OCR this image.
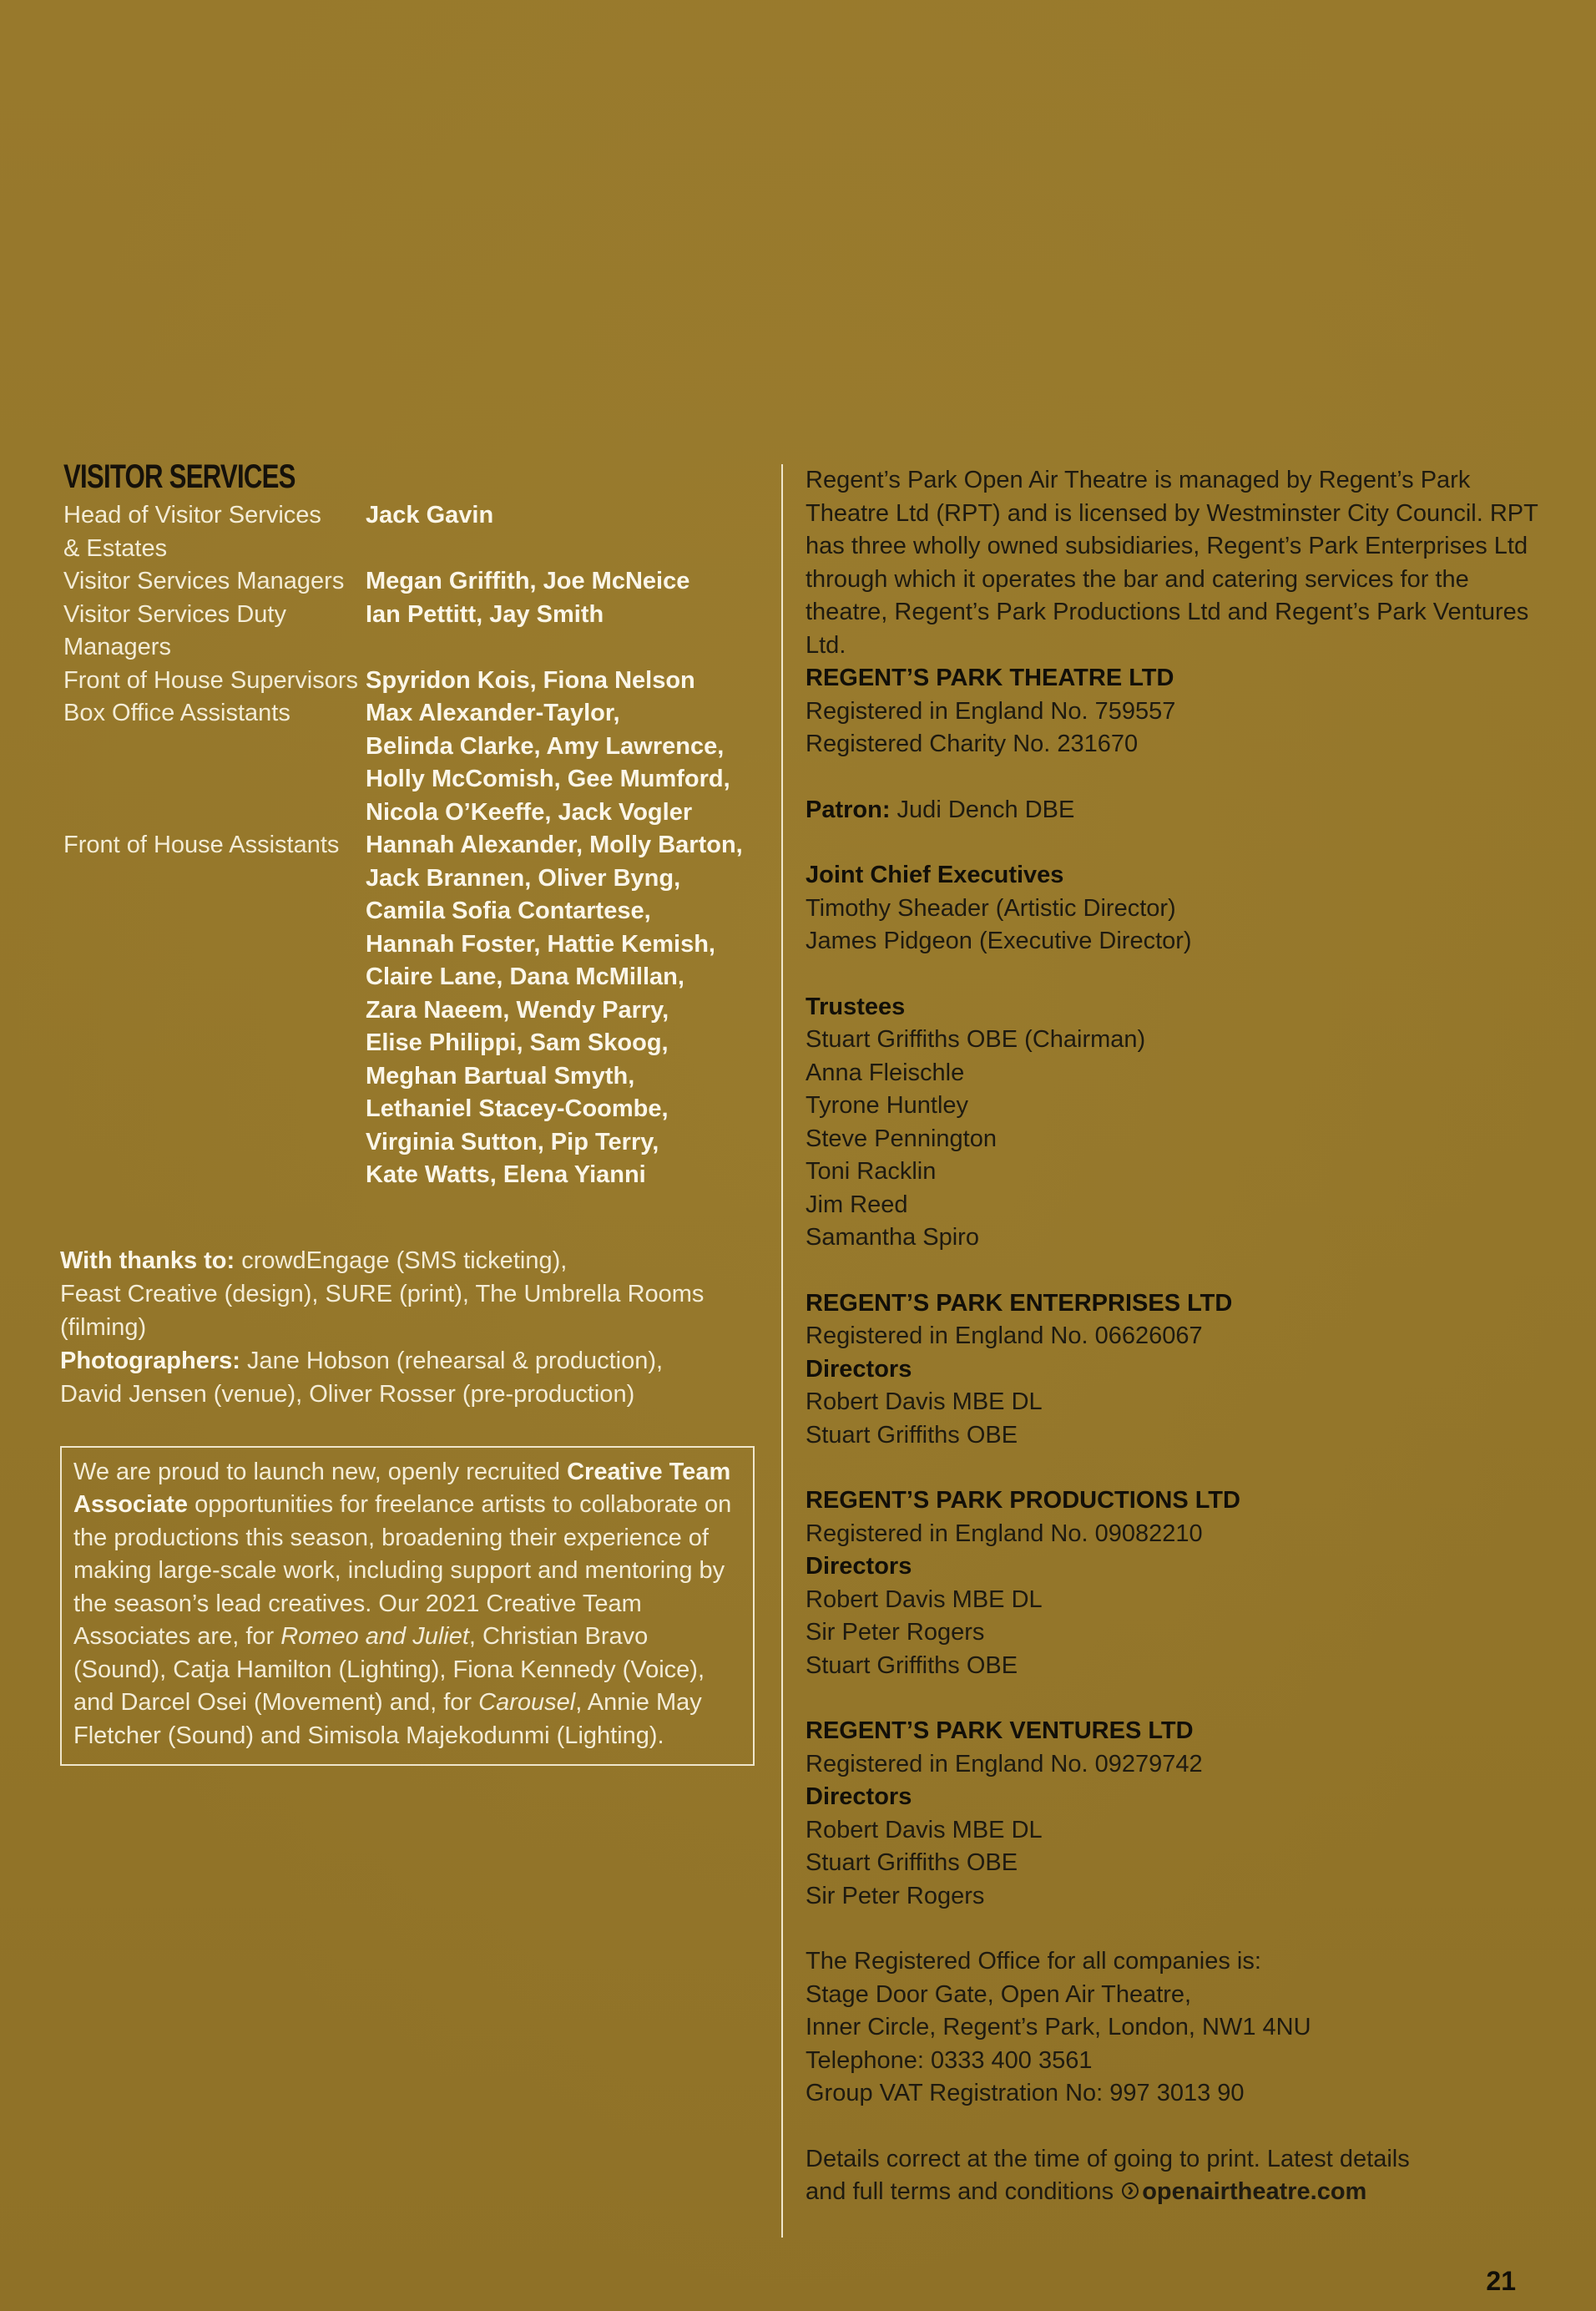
VISITOR SERVICES
Head of Visitor Services
& Estates
Jack Gavin
Visitor Services Managers Megan Griffith, Joe McNeice
Visitor Services Duty
Managers
Ian Pettitt, Jay Smith
Front of House Supervisors Spyridon Kois, Fiona Nelson
Box Office Assistants	Max Alexander-Taylor,
Belinda Clarke, Amy Lawrence,
Holly McComish, Gee Mumford,
Nicola O’Keeffe, Jack Vogler
Front of House Assistants	Hannah Alexander, Molly Barton,
Jack Brannen, Oliver Byng,
Camila Sofia Contartese,
Hannah Foster, Hattie Kemish,
Claire Lane, Dana McMillan,
Zara Naeem, Wendy Parry,
Elise Philippi, Sam Skoog,
Meghan Bartual Smyth,
Lethaniel Stacey-Coombe,
Virginia Sutton, Pip Terry,
Kate Watts, Elena Yianni
With thanks to: crowdEngage (SMS ticketing),
Feast Creative (design), SURE (print), The Umbrella Rooms (filming)
Photographers: Jane Hobson (rehearsal & production),
David Jensen (venue), Oliver Rosser (pre-production)
We are proud to launch new, openly recruited Creative Team Associate opportunities for freelance artists to collaborate on the productions this season, broadening their experience of making large-scale work, including support and mentoring by the season’s lead creatives. Our 2021 Creative Team Associates are, for Romeo and Juliet, Christian Bravo (Sound), Catja Hamilton (Lighting), Fiona Kennedy (Voice), and Darcel Osei (Movement) and, for Carousel, Annie May Fletcher (Sound) and Simisola Majekodunmi (Lighting).

Regent’s Park Open Air Theatre is managed by Regent’s Park Theatre Ltd (RPT) and is licensed by Westminster City Council. RPT has three wholly owned subsidiaries, Regent’s Park Enterprises Ltd through which it operates the bar and catering services for the theatre, Regent’s Park Productions Ltd and Regent’s Park Ventures Ltd.

REGENT’S PARK THEATRE LTD

Registered in England No. 759557

Registered Charity No. 231670

Patron: Judi Dench DBE

Joint Chief Executives

Timothy Sheader (Artistic Director)

James Pidgeon (Executive Director)

Trustees

Stuart Griffiths OBE (Chairman)

Anna Fleischle

Tyrone Huntley

Steve Pennington

Toni Racklin

Jim Reed

Samantha Spiro

REGENT’S PARK ENTERPRISES LTD

Registered in England No. 06626067

Directors

Robert Davis MBE DL

Stuart Griffiths OBE

REGENT’S PARK PRODUCTIONS LTD

Registered in England No. 09082210

Directors

Robert Davis MBE DL

Sir Peter Rogers

Stuart Griffiths OBE

REGENT’S PARK VENTURES LTD

Registered in England No. 09279742

Directors

Robert Davis MBE DL

Stuart Griffiths OBE

Sir Peter Rogers

The Registered Office for all companies is:

Stage Door Gate, Open Air Theatre,

Inner Circle, Regent’s Park, London, NW1 4NU

Telephone: 0333 400 3561

Group VAT Registration No: 997 3013 90

Details correct at the time of going to print. Latest details

and full terms and conditions ›openairtheatre.com

21
